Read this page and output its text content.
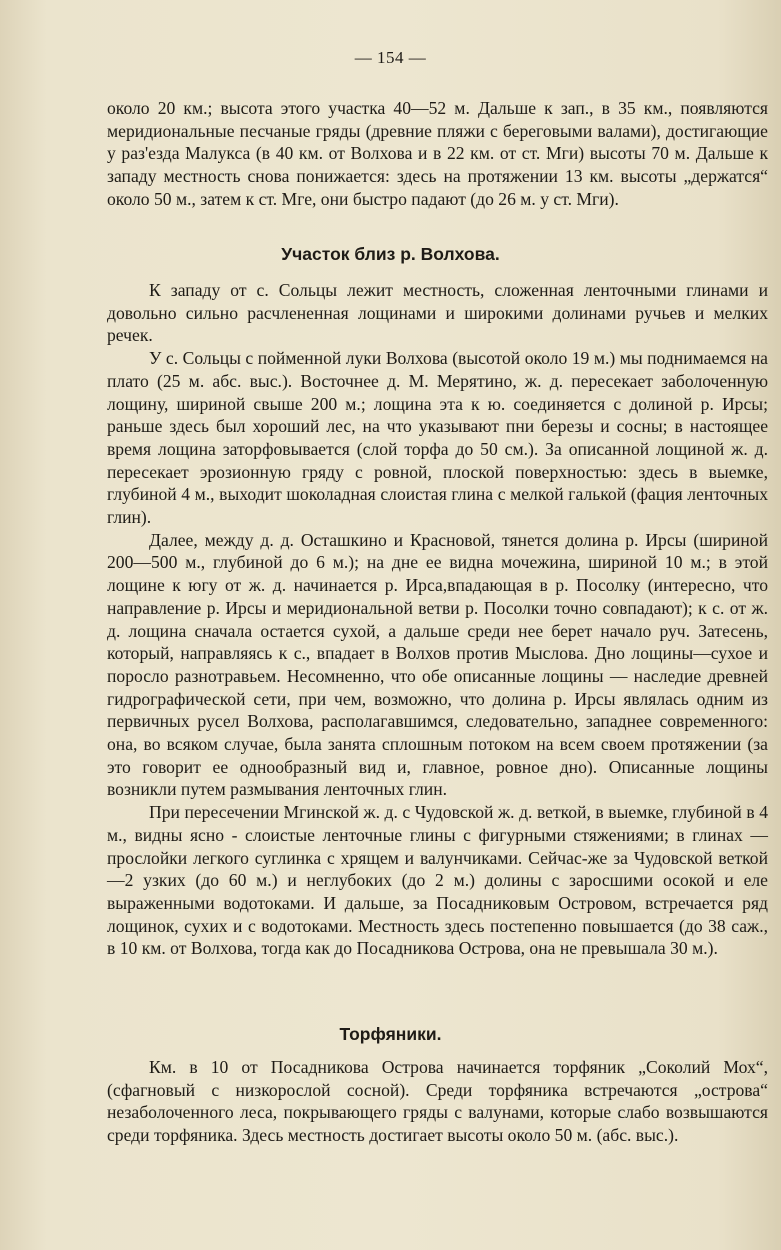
— 154 —

около 20 км.; высота этого участка 40—52 м. Дальше к зап., в 35 км., появляются меридиональные песчаные гряды (древние пляжи с береговыми валами), достигающие у раз'езда Малукса (в 40 км. от Волхова и в 22 км. от ст. Мги) высоты 70 м. Дальше к западу местность снова понижается: здесь на протяжении 13 км. высоты „держатся“ около 50 м., затем к ст. Мге, они быстро падают (до 26 м. у ст. Мги).

Участок близ р. Волхова.

К западу от с. Сольцы лежит местность, сложенная ленточными глинами и довольно сильно расчлененная лощинами и широкими долинами ручьев и мелких речек.

У с. Сольцы с пойменной луки Волхова (высотой около 19 м.) мы поднимаемся на плато (25 м. абс. выс.). Восточнее д. М. Мерятино, ж. д. пересекает заболоченную лощину, шириной свыше 200 м.; лощина эта к ю. соединяется с долиной р. Ирсы; раньше здесь был хороший лес, на что указывают пни березы и сосны; в настоящее время лощина заторфовывается (слой торфа до 50 см.). За описанной лощиной ж. д. пересекает эрозионную гряду с ровной, плоской поверхностью: здесь в выемке, глубиной 4 м., выходит шоколадная слоистая глина с мелкой галькой (фация ленточных глин).

Далее, между д. д. Осташкино и Красновой, тянется долина р. Ирсы (шириной 200—500 м., глубиной до 6 м.); на дне ее видна мочежина, шириной 10 м.; в этой лощине к югу от ж. д. начинается р. Ирса,впадающая в р. Посолку (интересно, что направление р. Ирсы и меридиональной ветви р. Посолки точно совпадают); к с. от ж. д. лощина сначала остается сухой, а дальше среди нее берет начало руч. Затесень, который, направляясь к с., впадает в Волхов против Мыслова. Дно лощины—сухое и поросло разнотравьем. Несомненно, что обе описанные лощины — наследие древней гидрографической сети, при чем, возможно, что долина р. Ирсы являлась одним из первичных русел Волхова, располагавшимся, следовательно, западнее современного: она, во всяком случае, была занята сплошным потоком на всем своем протяжении (за это говорит ее однообразный вид и, главное, ровное дно). Описанные лощины возникли путем размывания ленточных глин.

При пересечении Мгинской ж. д. с Чудовской ж. д. веткой, в выемке, глубиной в 4 м., видны ясно - слоистые ленточные глины с фигурными стяжениями; в глинах — прослойки легкого суглинка с хрящем и валунчиками. Сейчас-же за Чудовской веткой—2 узких (до 60 м.) и неглубоких (до 2 м.) долины с заросшими осокой и еле выраженными водотоками. И дальше, за Посадниковым Островом, встречается ряд лощинок, сухих и с водотоками. Местность здесь постепенно повышается (до 38 саж., в 10 км. от Волхова, тогда как до Посадникова Острова, она не превышала 30 м.).

Торфяники.

Км. в 10 от Посадникова Острова начинается торфяник „Соколий Мох“, (сфагновый с низкорослой сосной). Среди торфяника встречаются „острова“ незаболоченного леса, покрывающего гряды с валунами, которые слабо возвышаются среди торфяника. Здесь местность достигает высоты около 50 м. (абс. выс.).
